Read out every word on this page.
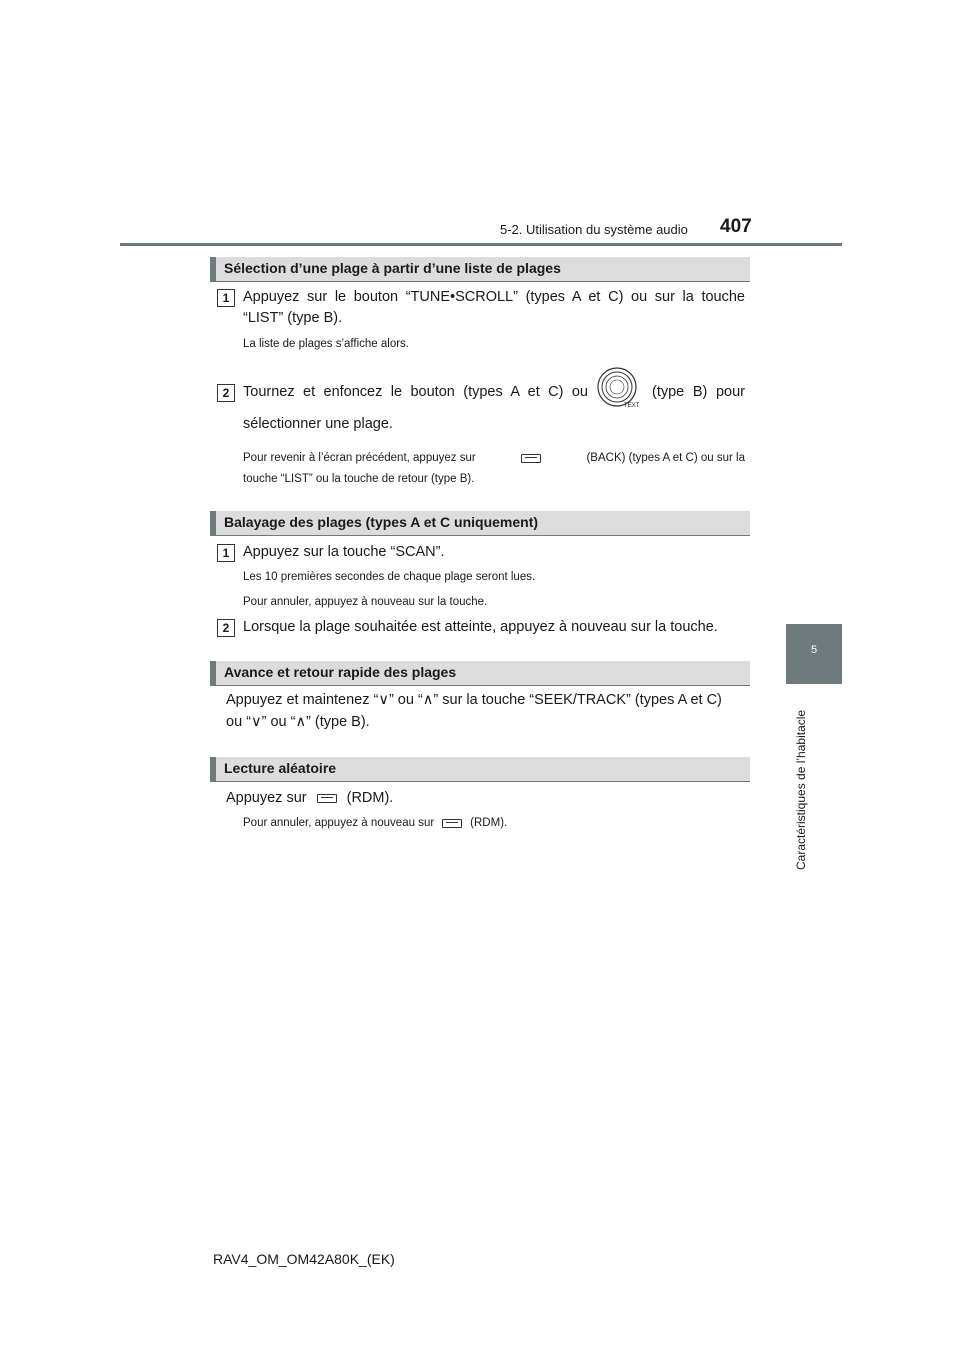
5-2. Utilisation du système audio 407
5
Caractéristiques de l’habitacle
Sélection d’une plage à partir d’une liste de plages
1 Appuyez sur le bouton “TUNE•SCROLL” (types A et C) ou sur la touche “LIST” (type B).
La liste de plages s’affiche alors.
2 Tournez et enfoncez le bouton (types A et C) ou
TEXT
(type B) pour
sélectionner une plage.
Pour revenir à l’écran précédent, appuyez sur	(BACK) (types A et C) ou sur la
touche “LIST” ou la touche de retour (type B).
Balayage des plages (types A et C uniquement)
1 Appuyez sur la touche “SCAN”.
Les 10 premières secondes de chaque plage seront lues.
Pour annuler, appuyez à nouveau sur la touche.
2 Lorsque la plage souhaitée est atteinte, appuyez à nouveau sur la touche.
Avance et retour rapide des plages
Appuyez et maintenez “∨” ou “∧” sur la touche “SEEK/TRACK” (types A et C)
ou “∨” ou “∧” (type B).
Lecture aléatoire
Appuyez sur	(RDM).
Pour annuler, appuyez à nouveau sur	(RDM).
RAV4_OM_OM42A80K_(EK)
